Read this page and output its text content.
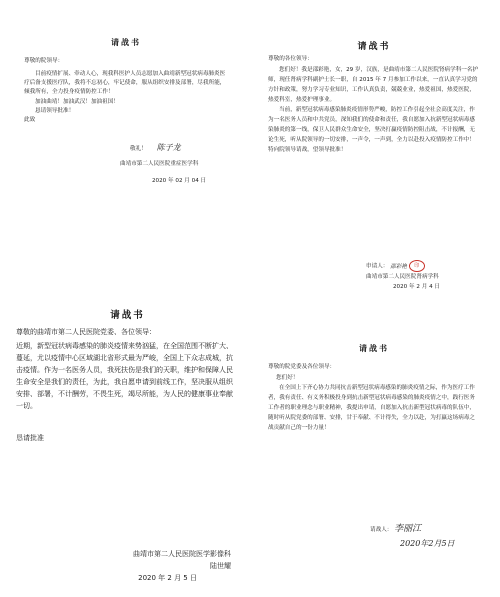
请战书

尊敬的院领导：

目前疫情扩展、牵动人心，现我科医护人员志愿加入曲靖新型冠状病毒肺炎医疗后备支援医疗队，我将不忘初心，牢记使命，服从组织安排及部署，尽我所能，倾我所有，全力投身疫情防控工作！

加油曲靖！加油武汉！加油祖国！

恳请领导批准！

此致

敬礼！ 陈子龙
曲靖市第二人民医院重症医学科
2020 年 02 月 04 日
请战书

尊敬的各位领导：

您们好！我是邵彩艳，女，29 岁，汉族，是曲靖市第二人民医院肾病学科一名护师，现任肾病学科副护士长一职，自 2015 年 7 月参加工作以来，一直认真学习党的方针和政策，努力学习专业知识，工作认真负责，兢兢业业，热爱祖国，热爱医院，热爱科室，热爱护理事业。

当前，新型冠状病毒感染肺炎疫情形势严峻，防控工作引起全社会高度关注，作为一名医务人员和中共党员，深知我们的使命和责任，我自愿加入抗新型冠状病毒感染肺炎的第一线，保卫人民群众生命安全，坚决打赢疫情防控阻击战，不计报酬，无论生死，听从院领导的一切安排，一声令，一声到，全力以赴投入疫情防控工作中！特向院领导请战，望领导批准！

申请人： 邵彩艳 印
曲靖市第二人民医院肾病学科
2020 年 2 月 4 日
请战书

尊敬的曲靖市第二人民医院党委、各位领导：

近期，新型冠状病毒感染的肺炎疫情来势汹猛，在全国范围不断扩大、蔓延，尤以疫情中心区域湖北省形式最为严峻，全国上下众志成城，抗击疫情。作为一名医务人员，我死扶伤是我们的天职，维护和保障人民生命安全是我们的责任，为此，我自愿申请到前线工作，坚决服从组织安排、部署，不计酬劳，不畏生死，竭尽所能，为人民的健康事业奉献一切。

恳请批准

曲靖市第二人民医院医学影像科
陆世耀
2020 年 2 月 5 日
请战书

尊敬的院党委及各位领导：

您们好！

在全国上下齐心协力共同抗击新型冠状病毒感染的肺炎疫情之际，作为医疗工作者，我有责任、有义务积极投身到抗击新型冠状病毒感染的肺炎疫情之中，践行医务工作者的职业理念与职业精神，我提出申请，自愿加入抗击新型冠状病毒的队伍中，随时听从院党委的部署、安排，甘于奉献、不计得失，全力以赴，为打赢这场病毒之战贡献自己的一份力量！

请战人： 李丽江
2020年2月5日
